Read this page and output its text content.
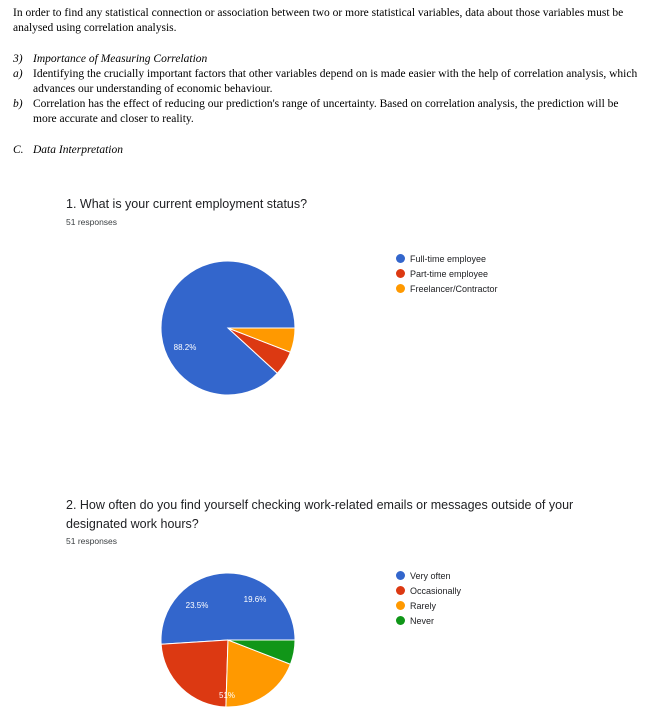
In order to find any statistical connection or association between two or more statistical variables, data about those variables must be analysed using correlation analysis.
3) Importance of Measuring Correlation
a) Identifying the crucially important factors that other variables depend on is made easier with the help of correlation analysis, which advances our understanding of economic behaviour.
b) Correlation has the effect of reducing our prediction's range of uncertainty. Based on correlation analysis, the prediction will be more accurate and closer to reality.
C. Data Interpretation
1. What is your current employment status?
51 responses
88.2%
Full-time employee
Part-time employee
Freelancer/Contractor
2. How often do you find yourself checking work-related emails or messages outside of your designated work hours?
51 responses
51%
23.5%
19.6%
Very often
Occasionally
Rarely
Never
